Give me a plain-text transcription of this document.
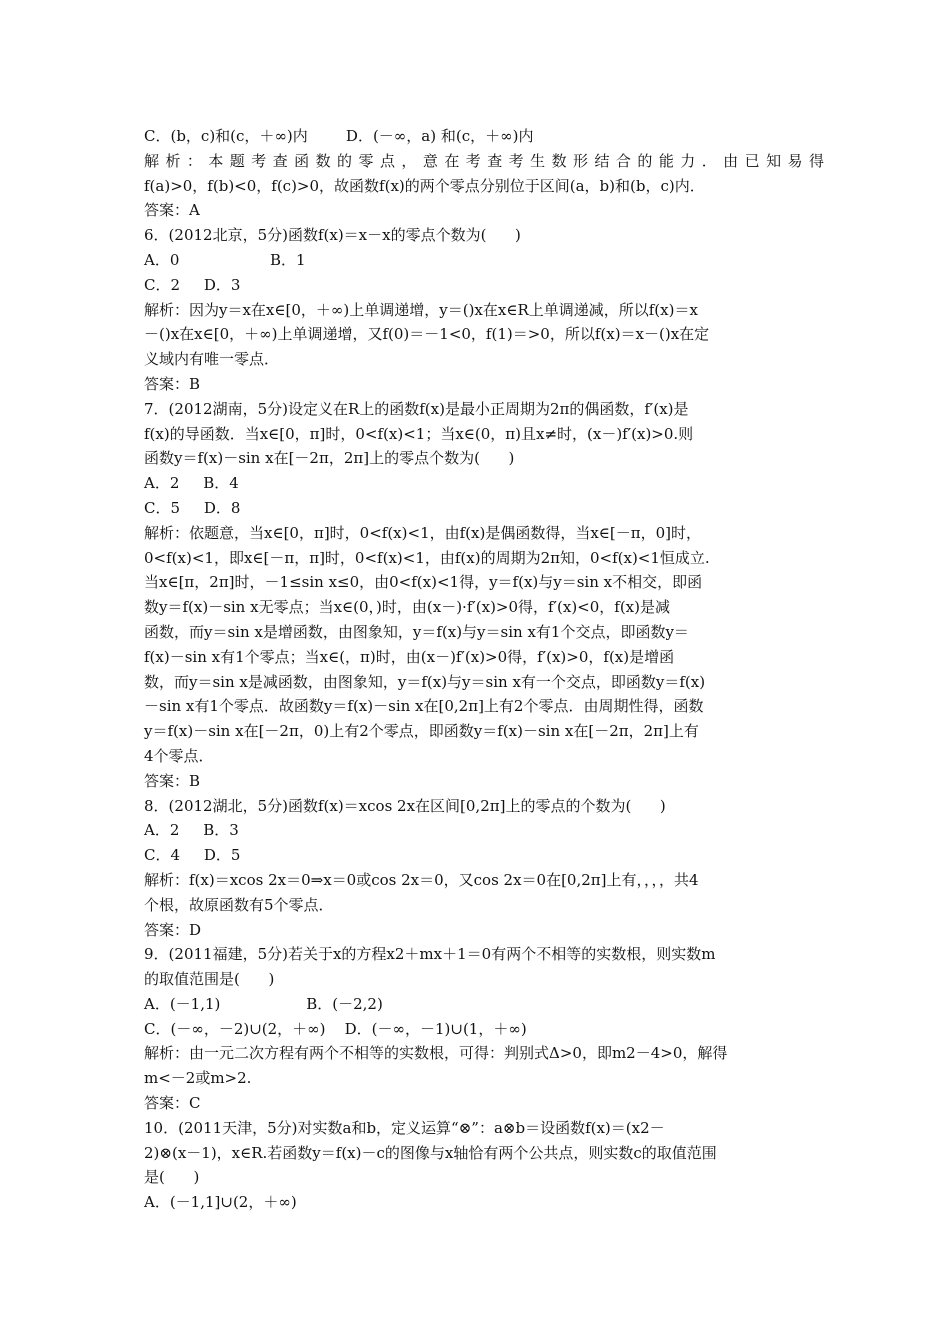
C．(b，c)和(c，＋∞)内        D．(－∞，a) 和(c，＋∞)内
解析：本题考查函数的零点，意在考查考生数形结合的能力．由已知易得
f(a)>0，f(b)<0，f(c)>0，故函数f(x)的两个零点分别位于区间(a，b)和(b，c)内．
答案：A
6．(2012北京，5分)函数f(x)＝x－x的零点个数为(      )
A．0                   B．1
C．2     D．3
解析：因为y＝x在x∈[0，＋∞)上单调递增，y＝()x在x∈R上单调递减，所以f(x)＝x
－()x在x∈[0，＋∞)上单调递增，又f(0)＝－1<0，f(1)＝>0，所以f(x)＝x－()x在定
义域内有唯一零点．
答案：B
7．(2012湖南，5分)设定义在R上的函数f(x)是最小正周期为2π的偶函数，f′(x)是
f(x)的导函数．当x∈[0，π]时，0<f(x)<1；当x∈(0，π)且x≠时，(x－)f′(x)>0.则
函数y＝f(x)－sin x在[－2π，2π]上的零点个数为(      )
A．2     B．4
C．5     D．8
解析：依题意，当x∈[0，π]时，0<f(x)<1，由f(x)是偶函数得，当x∈[－π，0]时，
0<f(x)<1，即x∈[－π，π]时，0<f(x)<1，由f(x)的周期为2π知，0<f(x)<1恒成立.
当x∈[π，2π]时，－1≤sin x≤0，由0<f(x)<1得，y＝f(x)与y＝sin x不相交，即函
数y＝f(x)－sin x无零点；当x∈(0，)时，由(x－)·f′(x)>0得，f′(x)<0，f(x)是减
函数，而y＝sin x是增函数，由图象知，y＝f(x)与y＝sin x有1个交点，即函数y＝
f(x)－sin x有1个零点；当x∈(，π)时，由(x－)f′(x)>0得，f′(x)>0，f(x)是增函
数，而y＝sin x是减函数，由图象知，y＝f(x)与y＝sin x有一个交点，即函数y＝f(x)
－sin x有1个零点．故函数y＝f(x)－sin x在[0,2π]上有2个零点．由周期性得，函数
y＝f(x)－sin x在[－2π，0)上有2个零点，即函数y＝f(x)－sin x在[－2π，2π]上有
4个零点．
答案：B
8．(2012湖北，5分)函数f(x)＝xcos 2x在区间[0,2π]上的零点的个数为(      )
A．2     B．3
C．4     D．5
解析：f(x)＝xcos 2x＝0⇒x＝0或cos 2x＝0，又cos 2x＝0在[0,2π]上有，，，，共4
个根，故原函数有5个零点．
答案：D
9．(2011福建，5分)若关于x的方程x2＋mx＋1＝0有两个不相等的实数根，则实数m
的取值范围是(      )
A．(－1,1)                  B．(－2,2)
C．(－∞，－2)∪(2，＋∞)    D．(－∞，－1)∪(1，＋∞)
解析：由一元二次方程有两个不相等的实数根，可得：判别式Δ>0，即m2－4>0，解得
m<－2或m>2.
答案：C
10．(2011天津，5分)对实数a和b，定义运算“⊗”：a⊗b＝设函数f(x)＝(x2－
2)⊗(x－1)，x∈R.若函数y＝f(x)－c的图像与x轴恰有两个公共点，则实数c的取值范围
是(      )
A．(－1,1]∪(2，＋∞)
